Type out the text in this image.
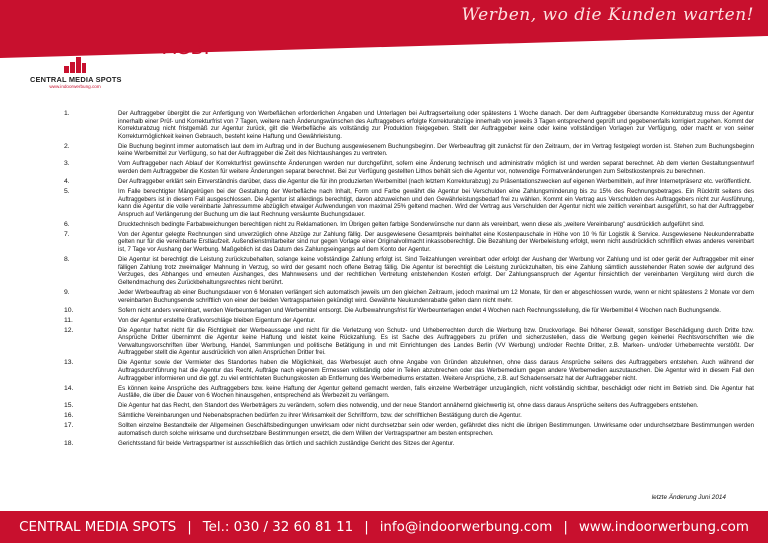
Werben, wo die Kunden warten!
AGB:
CENTRAL MEDIA SPOTS
www.indoorwerbung.com
1.	Der Auftraggeber übergibt die zur Anfertigung von Werbeflächen erforderlichen Angaben und Unterlagen bei Auftragserteilung oder spätestens 1 Woche danach. Der dem Auftraggeber übersandte Korrekturabzug muss der Agentur innerhalb einer Prüf- und Korrekturfrist von 7 Tagen, weitere nach Änderungswünschen des Auftraggebers erfolgte Korrekturabzüge innerhalb von jeweils 3 Tagen entsprechend geprüft und gegebenenfalls korrigiert zugehen. Kommt der Korrekturabzug nicht fristgemäß zur Agentur zurück, gilt die Werbefläche als vollständig zur Produktion freigegeben. Stellt der Auftraggeber keine oder keine vollständigen Vorlagen zur Verfügung, oder macht er von seiner Korrekturmöglichkeit keinen Gebrauch, besteht keine Haftung und Gewährleistung.
2.	Die Buchung beginnt immer automatisch laut dem im Auftrag und in der Buchung ausgewiesenem Buchungsbeginn. Der Werbeauftrag gilt zunächst für den Zeitraum, der im Vertrag festgelegt worden ist. Stehen zum Buchungsbeginn keine Werbemittel zur Verfügung, so hat der Auftraggeber die Zeit des Nichtaushanges zu vertreten.
3.	Vom Auftraggeber nach Ablauf der Korrekturfrist gewünschte Änderungen werden nur durchgeführt, sofern eine Änderung technisch und administrativ möglich ist und werden separat berechnet. Ab dem vierten Gestaltungsentwurf werden dem Auftraggeber die Kosten für weitere Änderungen separat berechnet. Bei zur Verfügung gestellten Lithos behält sich die Agentur vor, notwendige Formatveränderungen zum Selbstkostenpreis zu berechnen.
4.	Der Auftraggeber erklärt sein Einverständnis darüber, dass die Agentur die für ihn produzierten Werbemittel (nach letztem Korrekturabzug) zu Präsentationszwecken auf eigenen Werbemitteln, auf ihrer Internetpräsenz etc. veröffentlicht.
5.	Im Falle berechtigter Mängelrügen bei der Gestaltung der Werbefläche nach Inhalt, Form und Farbe gewährt die Agentur bei Verschulden eine Zahlungsminderung bis zu 15% des Rechnungsbetrages. Ein Rücktritt seitens des Auftraggebers ist in diesem Fall ausgeschlossen. Die Agentur ist allerdings berechtigt, davon abzuweichen und den Gewährleistungsbedarf frei zu wählen. Kommt ein Vertrag aus Verschulden des Auftraggebers nicht zur Ausführung, kann die Agentur die volle vereinbarte Jahressumme abzüglich etwaiger Aufwendungen von maximal 25% geltend machen. Wird der Vertrag aus Verschulden der Agentur nicht wie zeitlich vereinbart ausgeführt, so hat der Auftraggeber Anspruch auf Verlängerung der Buchung um die laut Rechnung versäumte Buchungsdauer.
6.	Drucktechnisch bedingte Farbabweichungen berechtigen nicht zu Reklamationen. Im Übrigen gelten farbige Sonderwünsche nur dann als vereinbart, wenn diese als „weitere Vereinbarung" ausdrücklich aufgeführt sind.
7.	Von der Agentur gelegte Rechnungen sind unverzüglich ohne Abzüge zur Zahlung fällig. Der ausgewiesene Gesamtpreis beinhaltet eine Kostenpauschale in Höhe von 10 % für Logistik & Service. Ausgewiesene Neukundenrabatte gelten nur für die vereinbarte Erstlaufzeit. Außendienstmitarbeiter sind nur gegen Vorlage einer Originalvollmacht inkassoberechtigt. Die Bezahlung der Werbeleistung erfolgt, wenn nicht ausdrücklich schriftlich etwas anderes vereinbart ist, 7 Tage vor Aushang der Werbung. Maßgeblich ist das Datum des Zahlungseingangs auf dem Konto der Agentur.
8.	Die Agentur ist berechtigt die Leistung zurückzubehalten, solange keine vollständige Zahlung erfolgt ist. Sind Teilzahlungen vereinbart oder erfolgt der Aushang der Werbung vor Zahlung und ist oder gerät der Auftraggeber mit einer fälligen Zahlung trotz zweimaliger Mahnung in Verzug, so wird der gesamt noch offene Betrag fällig. Die Agentur ist berechtigt die Leistung zurückzuhalten, bis eine Zahlung sämtlich ausstehender Raten sowie der aufgrund des Verzuges, des Abhanges und erneuten Aushanges, des Mahnwesens und der rechtlichen Vertretung entstehenden Kosten erfolgt. Der Zahlungsanspruch der Agentur hinsichtlich der vereinbarten Vergütung wird durch die Geltendmachung des Zurückbehaltungsrechtes nicht berührt.
9.	Jeder Werbeauftrag ab einer Buchungsdauer von 6 Monaten verlängert sich automatisch jeweils um den gleichen Zeitraum, jedoch maximal um 12 Monate, für den er abgeschlossen wurde, wenn er nicht spätestens 2 Monate vor dem vereinbarten Buchungsende schriftlich von einer der beiden Vertragsparteien gekündigt wird. Gewährte Neukundenrabatte gelten dann nicht mehr.
10.	Sofern nicht anders vereinbart, werden Werbeunterlagen und Werbemittel entsorgt. Die Aufbewahrungsfrist für Werbeunterlagen endet 4 Wochen nach Rechnungsstellung, die für Werbemittel 4 Wochen nach Buchungsende.
11.	Von der Agentur erstellte Grafikvorschläge bleiben Eigentum der Agentur.
12.	Die Agentur haftet nicht für die Richtigkeit der Werbeaussage und nicht für die Verletzung von Schutz- und Urheberrechten durch die Werbung bzw. Druckvorlage. Bei höherer Gewalt, sonstiger Beschädigung durch Dritte bzw. Ansprüche Dritter übernimmt die Agentur keine Haftung und leistet keine Rückzahlung. Es ist Sache des Auftraggebers zu prüfen und sicherzustellen, dass die Werbung gegen keinerlei Rechtsvorschriften wie die Verwaltungsvorschriften über Werbung, Handel, Sammlungen und politische Betätigung in und mit Einrichtungen des Landes Berlin (VV Werbung) und/oder Rechte Dritter, z.B. Marken- und/oder Urheberrechte verstößt. Der Auftraggeber stellt die Agentur ausdrücklich von allen Ansprüchen Dritter frei.
13.	Die Agentur sowie der Vermieter des Standortes haben die Möglichkeit, das Werbesujet auch ohne Angabe von Gründen abzulehnen, ohne dass daraus Ansprüche seitens des Auftraggebers entstehen. Auch während der Auftragsdurchführung hat die Agentur das Recht, Aufträge nach eigenem Ermessen vollständig oder in Teilen abzubrechen oder das Werbemedium gegen andere Werbemedien auszutauschen. Die Agentur wird in diesem Fall den Auftraggeber informieren und die ggf. zu viel entrichteten Buchungskosten ab Entfernung des Werbemediums erstatten. Weitere Ansprüche, z.B. auf Schadensersatz hat der Auftraggeber nicht.
14.	Es können keine Ansprüche des Auftraggebers bzw. keine Haftung der Agentur geltend gemacht werden, falls einzelne Werbeträger unzugänglich, nicht vollständig sichtbar, beschädigt oder nicht im Betrieb sind. Die Agentur hat Ausfälle, die über die Dauer von 6 Wochen hinausgehen, entsprechend als Werbezeit zu verlängern.
15.	Die Agentur hat das Recht, den Standort des Werbeträgers zu verändern, sofern dies notwendig, und der neue Standort annähernd gleichwertig ist, ohne dass daraus Ansprüche seitens des Auftraggebers entstehen.
16.	Sämtliche Vereinbarungen und Nebenabsprachen bedürfen zu ihrer Wirksamkeit der Schriftform, bzw. der schriftlichen Bestätigung durch die Agentur.
17.	Sollten einzelne Bestandteile der Allgemeinen Geschäftsbedingungen unwirksam oder nicht durchsetzbar sein oder werden, gefährdet dies nicht die übrigen Bestimmungen. Unwirksame oder undurchsetzbare Bestimmungen werden automatisch durch solche wirksame und durchsetzbare Bestimmungen ersetzt, die dem Willen der Vertragspartner am besten entsprechen.
18.	Gerichtsstand für beide Vertragspartner ist ausschließlich das örtlich und sachlich zuständige Gericht des Sitzes der Agentur.
letzte Änderung Juni 2014
CENTRAL MEDIA SPOTS | Tel.: 030 / 32 60 81 11 | info@indoorwerbung.com | www.indoorwerbung.com
